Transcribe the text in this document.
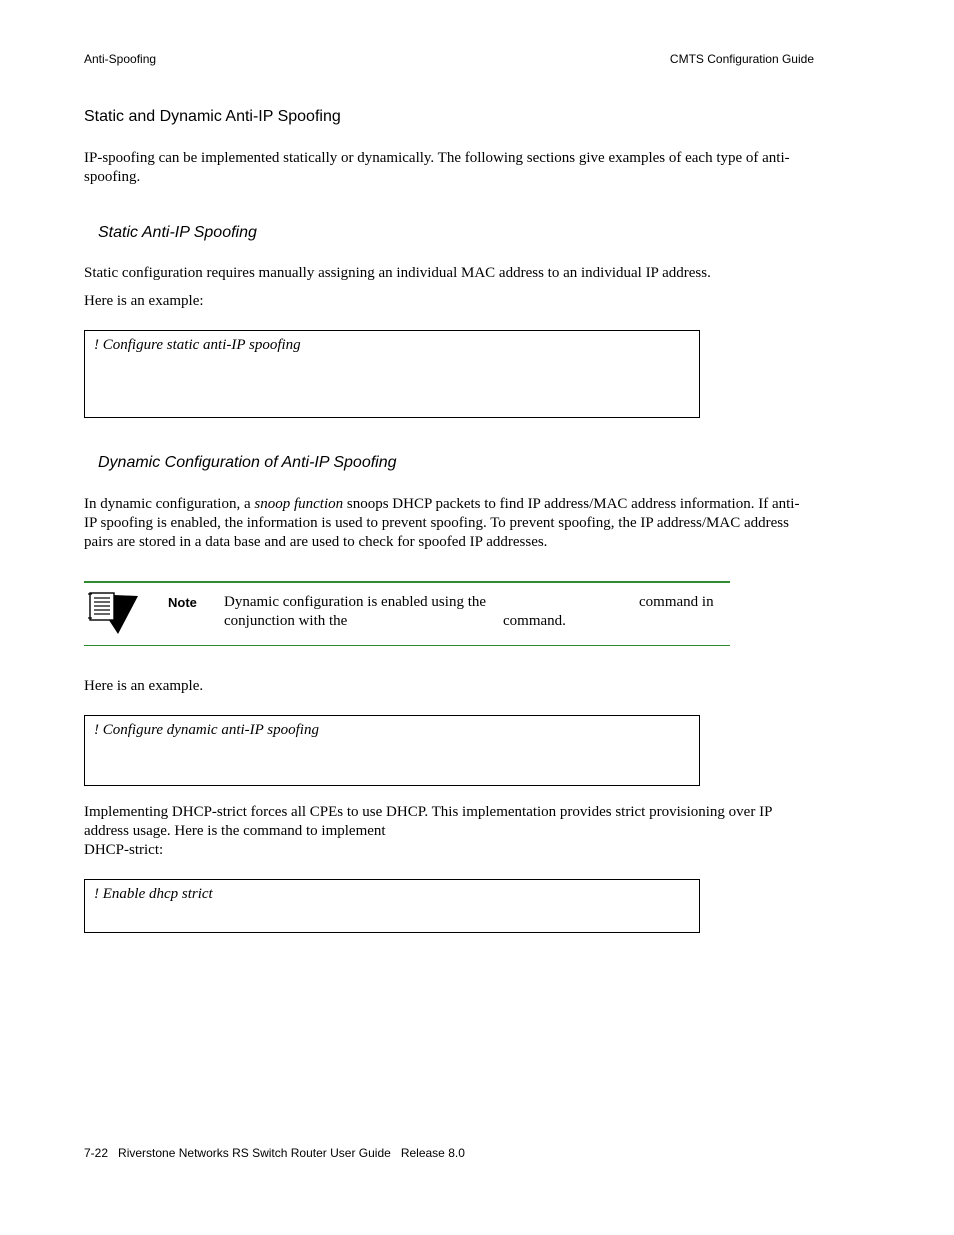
Anti-Spoofing	CMTS Configuration Guide
Static and Dynamic Anti-IP Spoofing
IP-spoofing can be implemented statically or dynamically. The following sections give examples of each type of anti-spoofing.
Static Anti-IP Spoofing
Static configuration requires manually assigning an individual MAC address to an individual IP address.
Here is an example:
! Configure static anti-IP spoofing
Dynamic Configuration of Anti-IP Spoofing
In dynamic configuration, a snoop function snoops DHCP packets to find IP address/MAC address information. If anti-IP spoofing is enabled, the information is used to prevent spoofing. To prevent spoofing, the IP address/MAC address pairs are stored in a data base and are used to check for spoofed IP addresses.
Note Dynamic configuration is enabled using the	command in
conjunction with the	command.
Here is an example.
! Configure dynamic anti-IP spoofing
Implementing DHCP-strict forces all CPEs to use DHCP. This implementation provides strict provisioning over IP address usage. Here is the command to implement
DHCP-strict:
! Enable dhcp strict
7-22 Riverstone Networks RS Switch Router User Guide Release 8.0
